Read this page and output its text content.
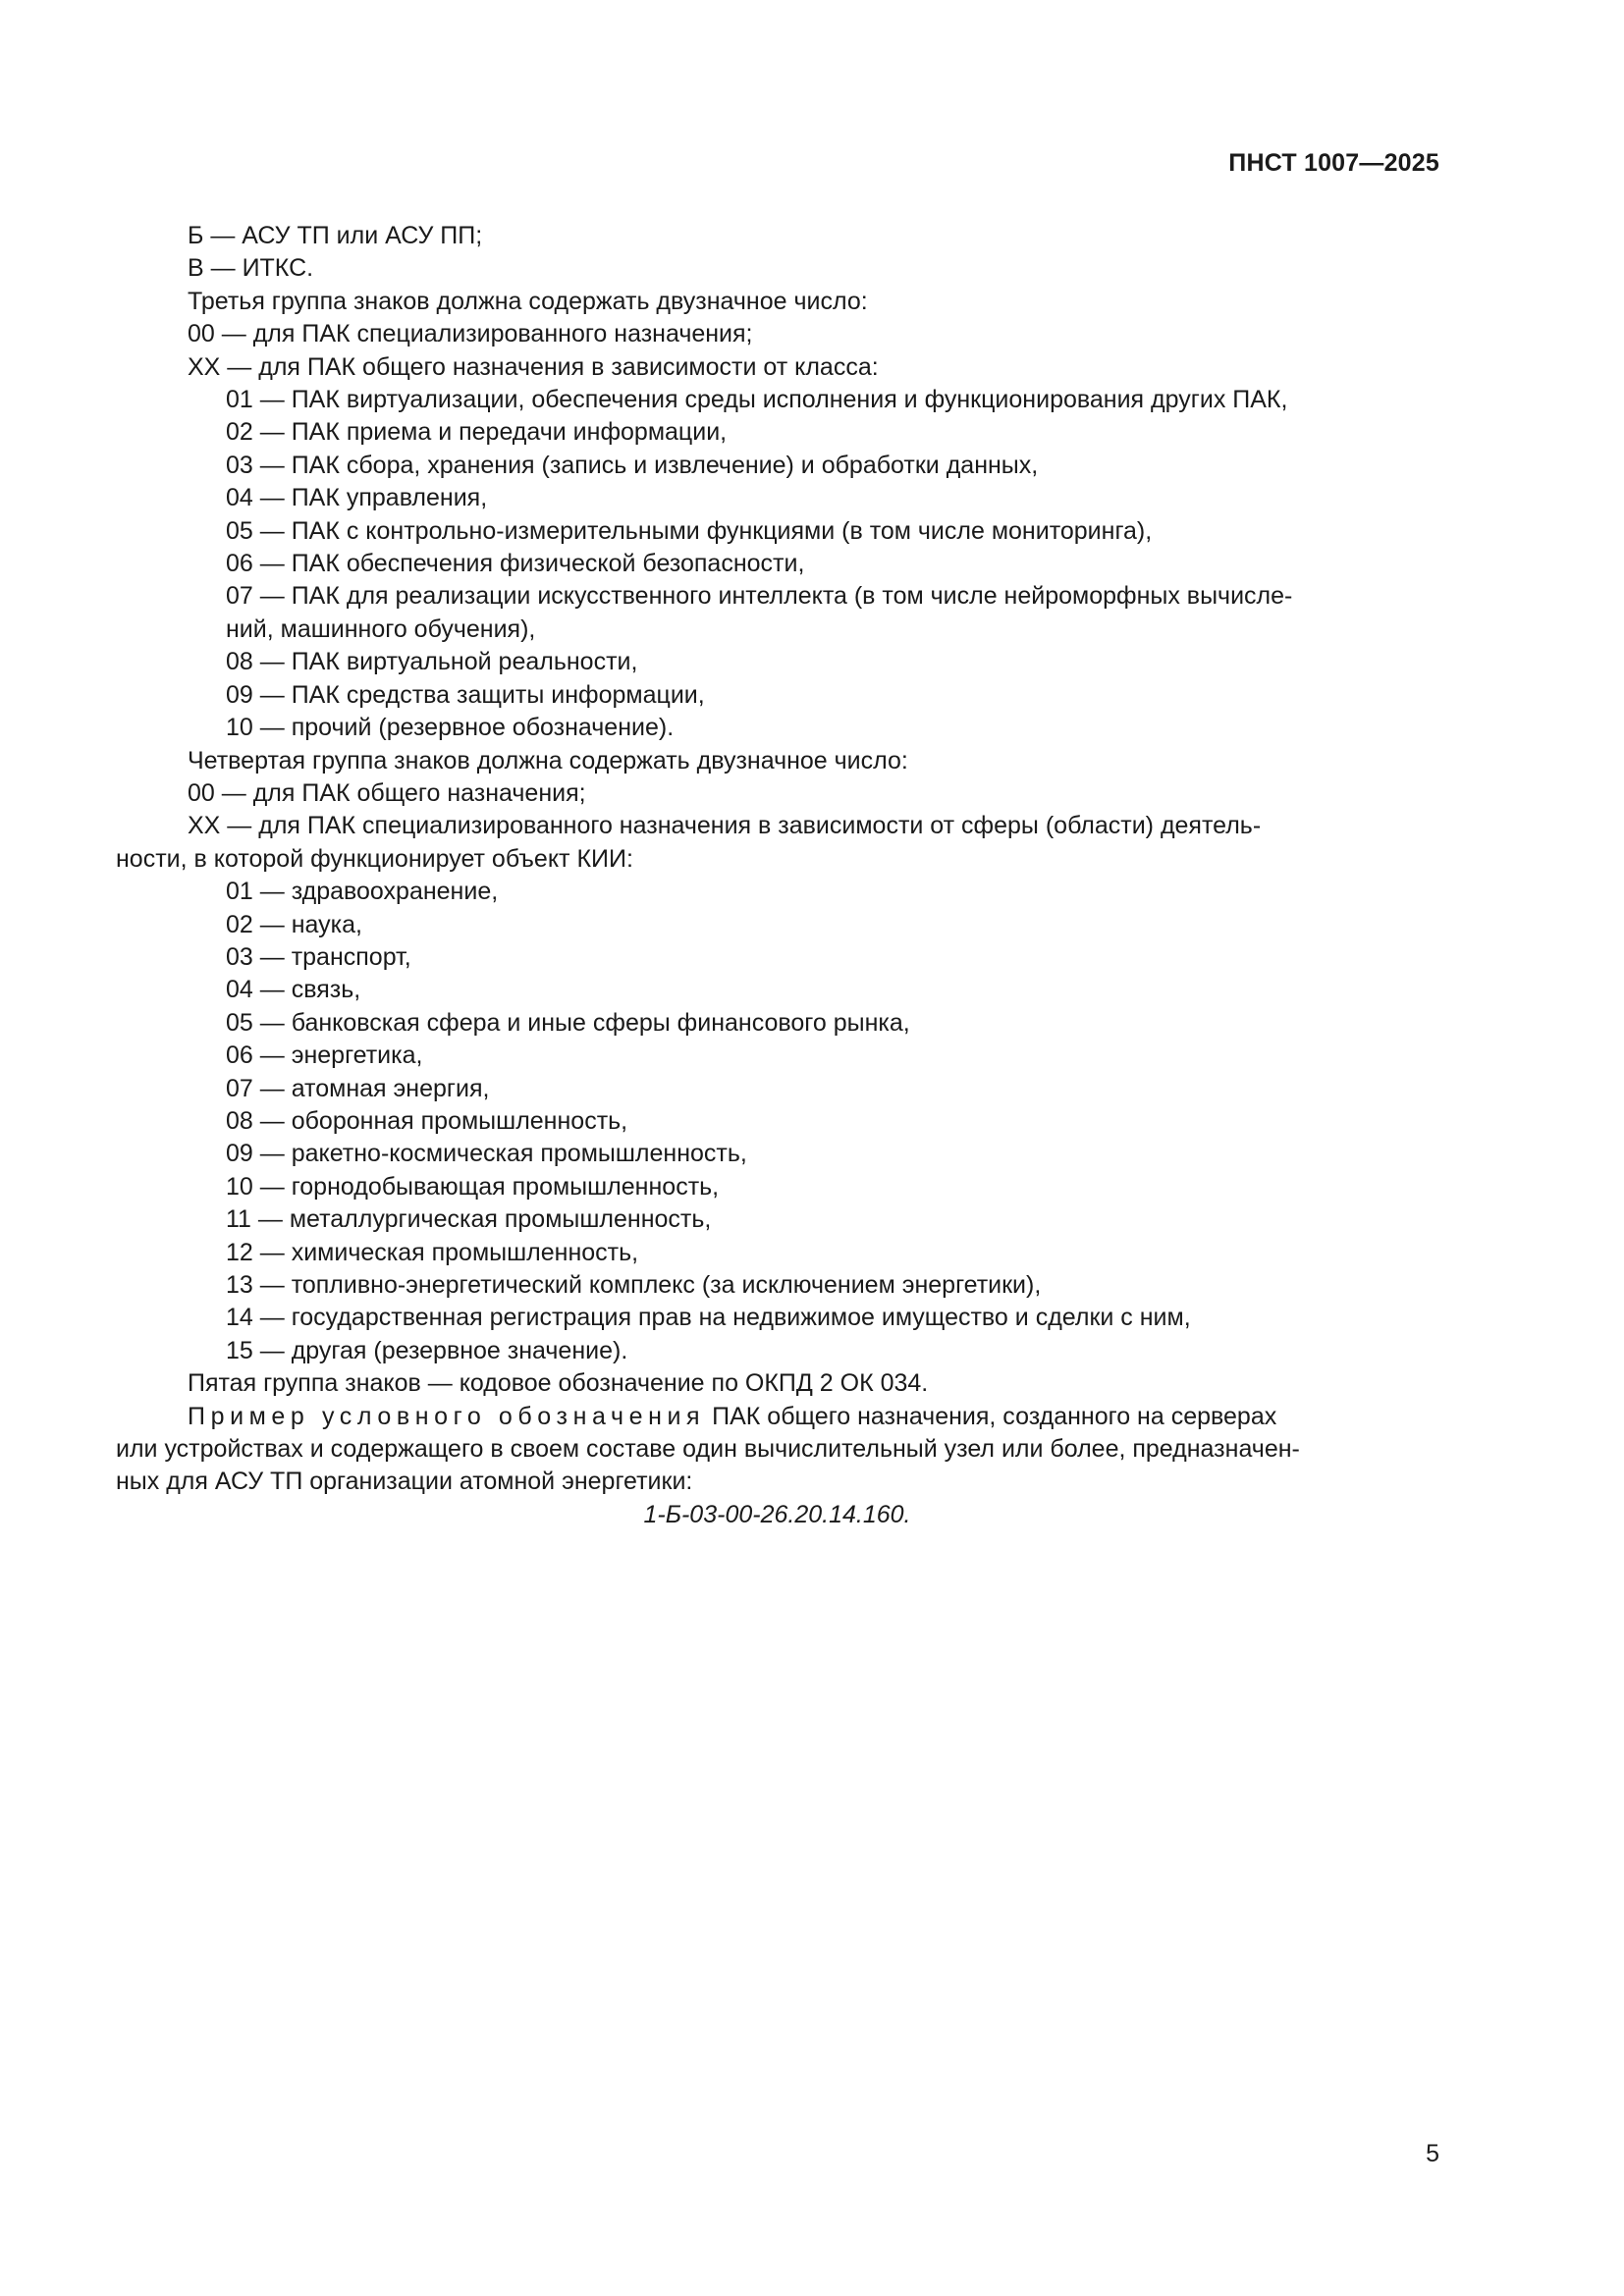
ПНСТ 1007—2025

Б — АСУ ТП или АСУ ПП;

В — ИТКС.

Третья группа знаков должна содержать двузначное число:

00 — для ПАК специализированного назначения;

XX — для ПАК общего назначения в зависимости от класса:

01 — ПАК виртуализации, обеспечения среды исполнения и функционирования других ПАК,

02 — ПАК приема и передачи информации,

03 — ПАК сбора, хранения (запись и извлечение) и обработки данных,

04 — ПАК управления,

05 — ПАК с контрольно-измерительными функциями (в том числе мониторинга),

06 — ПАК обеспечения физической безопасности,

07 — ПАК для реализации искусственного интеллекта (в том числе нейроморфных вычисле-

ний, машинного обучения),

08 — ПАК виртуальной реальности,

09 — ПАК средства защиты информации,

10 — прочий (резервное обозначение).

Четвертая группа знаков должна содержать двузначное число:

00 — для ПАК общего назначения;

XX — для ПАК специализированного назначения в зависимости от сферы (области) деятель-

ности, в которой функционирует объект КИИ:

01 — здравоохранение,

02 — наука,

03 — транспорт,

04 — связь,

05 — банковская сфера и иные сферы финансового рынка,

06 — энергетика,

07 — атомная энергия,

08 — оборонная промышленность,

09 — ракетно-космическая промышленность,

10 — горнодобывающая промышленность,

11 — металлургическая промышленность,

12 — химическая промышленность,

13 — топливно-энергетический комплекс (за исключением энергетики),

14 — государственная регистрация прав на недвижимое имущество и сделки с ним,

15 — другая (резервное значение).

Пятая группа знаков — кодовое обозначение по ОКПД 2 ОК 034.

Пример условного обозначения ПАК общего назначения, созданного на серверах

или устройствах и содержащего в своем составе один вычислительный узел или более, предназначен-

ных для АСУ ТП организации атомной энергетики:

1-Б-03-00-26.20.14.160.

5
